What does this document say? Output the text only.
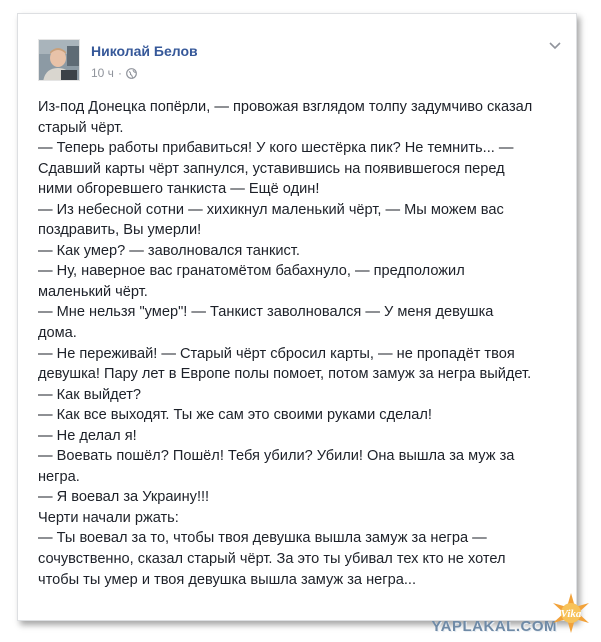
Николай Белов
10 ч ·
Из-под Донецка попёрли, — провожая взглядом толпу задумчиво сказал
старый чёрт.
— Теперь работы прибавиться! У кого шестёрка пик? Не темнить... —
Сдавший карты чёрт запнулся, уставившись на появившегося перед
ними обгоревшего танкиста — Ещё один!
— Из небесной сотни — хихикнул маленький чёрт, — Мы можем вас
поздравить, Вы умерли!
— Как умер? — заволновался танкист.
— Ну, наверное вас гранатомётом бабахнуло, — предположил
маленький чёрт.
— Мне нельзя "умер"! — Танкист заволновался — У меня девушка
дома.
— Не переживай! — Старый чёрт сбросил карты, — не пропадёт твоя
девушка! Пару лет в Европе полы помоет, потом замуж за негра выйдет.
— Как выйдет?
— Как все выходят. Ты же сам это своими руками сделал!
— Не делал я!
— Воевать пошёл? Пошёл! Тебя убили? Убили! Она вышла за муж за
негра.
— Я воевал за Украину!!!
Черти начали ржать:
— Ты воевал за то, чтобы твоя девушка вышла замуж за негра —
сочувственно, сказал старый чёрт. За это ты убивал тех кто не хотел
чтобы ты умер и твоя девушка вышла замуж за негра...
YAPLAKAL.COM
Vika
